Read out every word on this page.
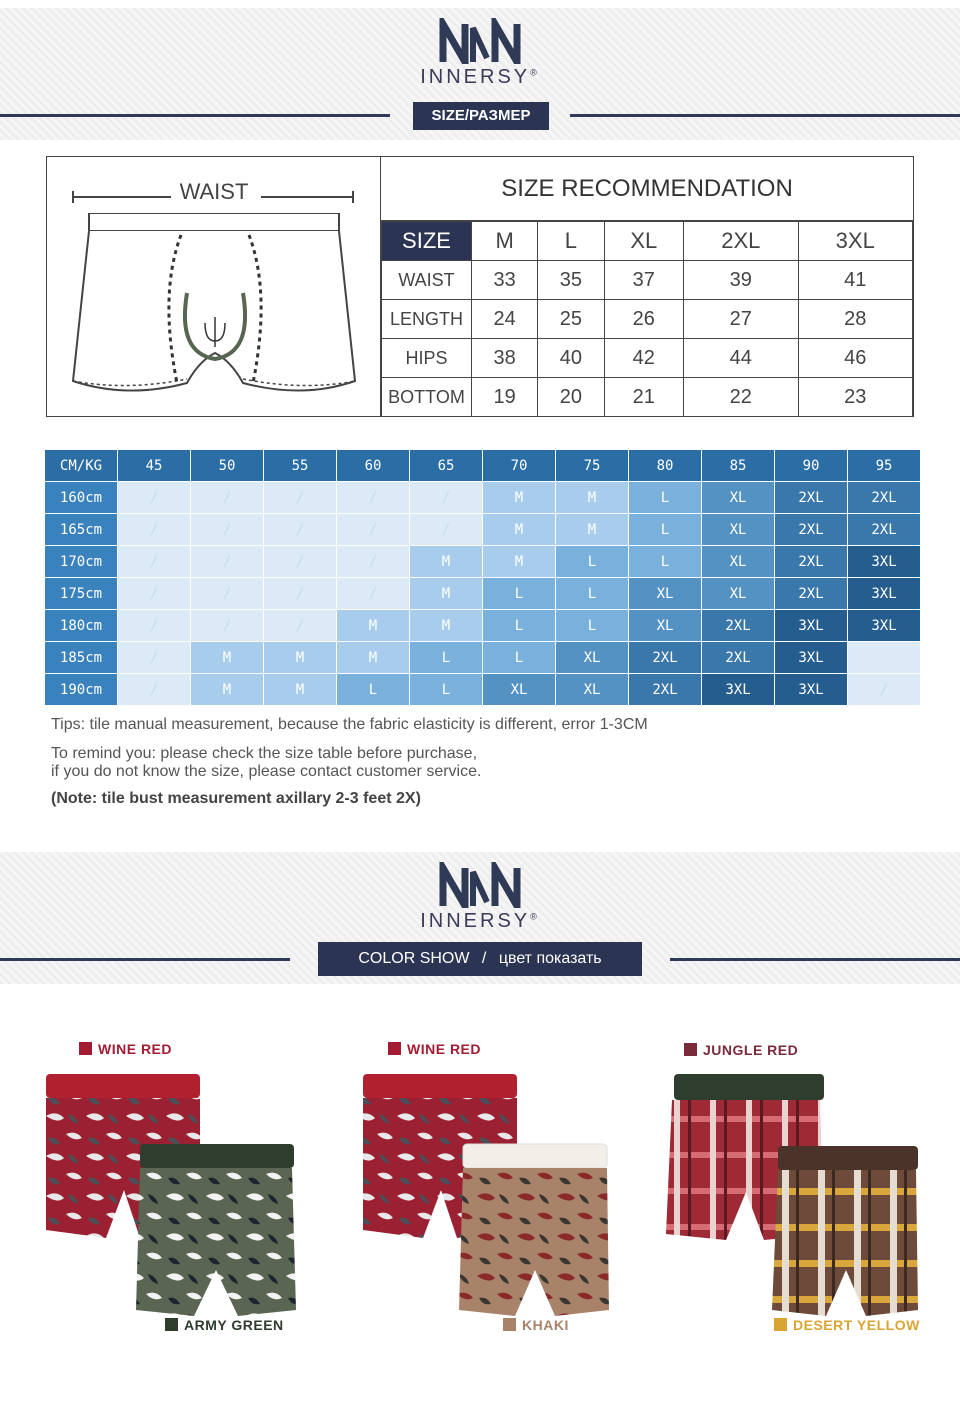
INNERSY®
SIZE/РАЗМЕР
WAIST	SIZE RECOMMENDATION
SIZE	M	L	XL	2XL	3XL
WAIST	33	35	37	39	41
LENGTH	24	25	26	27	28
HIPS	38	40	42	44	46
BOTTOM	19	20	21	22	23
CM/KG	45	50	55	60	65	70	75	80	85	90	95
160cm	/	/	/	/	/	M	M	L	XL	2XL	2XL
165cm	/	/	/	/	/	M	M	L	XL	2XL	2XL
170cm	/	/	/	/	M	M	L	L	XL	2XL	3XL
175cm	/	/	/	/	M	L	L	XL	XL	2XL	3XL
180cm	/	/	/	M	M	L	L	XL	2XL	3XL	3XL
185cm	/	M	M	M	L	L	XL	2XL	2XL	3XL	
190cm	/	M	M	L	L	XL	XL	2XL	3XL	3XL	/
Tips: tile manual measurement, because the fabric elasticity is different, error 1-3CM
To remind you: please check the size table before purchase,
if you do not know the size, please contact customer service.
(Note: tile bust measurement axillary 2-3 feet 2X)
INNERSY®
COLOR SHOW / цвет показать
WINE RED	WINE RED	JUNGLE RED
ARMY GREEN	KHAKI	DESERT YELLOW
